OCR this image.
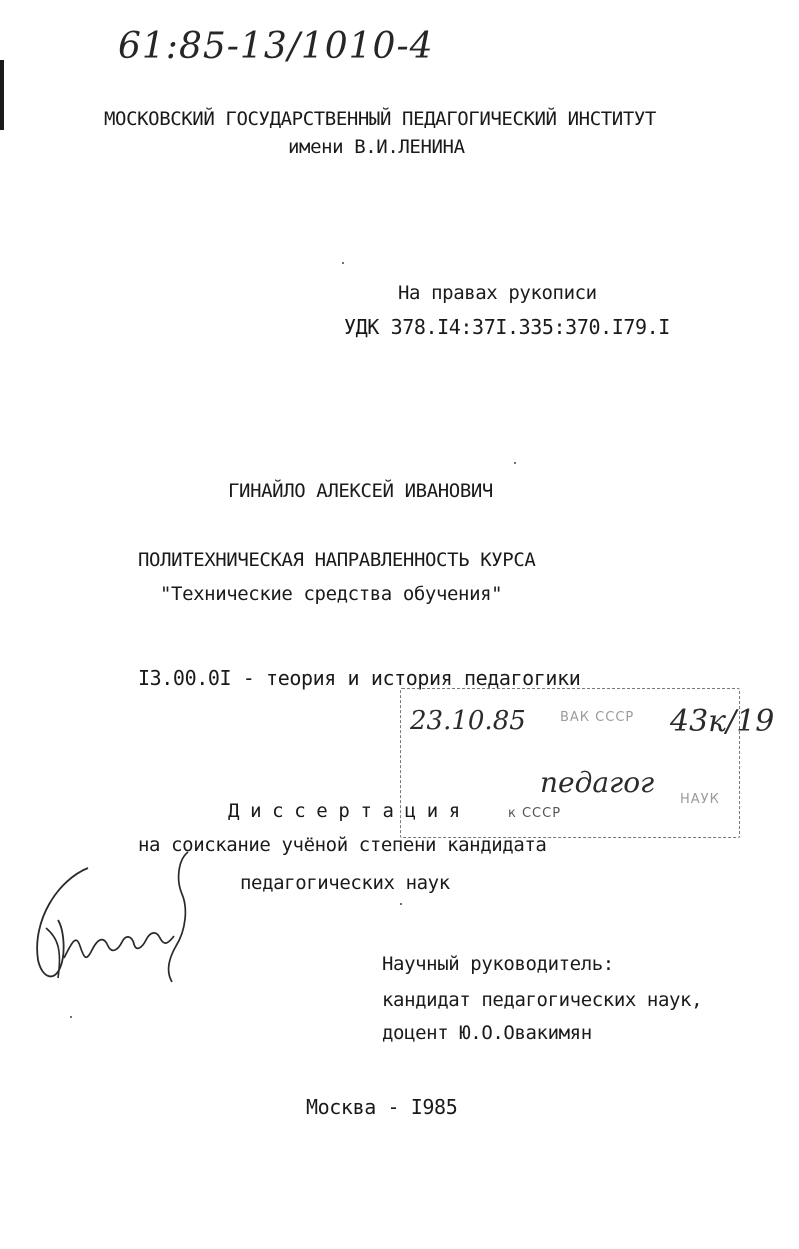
61:85-13/1010-4
МОСКОВСКИЙ ГОСУДАРСТВЕННЫЙ ПЕДАГОГИЧЕСКИЙ ИНСТИТУТ
имени В.И.ЛЕНИНА
На правах рукописи
УДК 378.I4:37I.335:370.I79.I
ГИНАЙЛО АЛЕКСЕЙ ИВАНОВИЧ
ПОЛИТЕХНИЧЕСКАЯ НАПРАВЛЕННОСТЬ КУРСА
"Технические средства обучения"
I3.00.0I - теория и история педагогики
23.10.85	ВАК СССР 43к/19
педагог
НАУК
к СССР
Д и с с е р т а ц и я
на соискание учёной степени кандидата
педагогических наук
Научный руководитель:
кандидат педагогических наук,
доцент Ю.О.Овакимян
Москва - I985
